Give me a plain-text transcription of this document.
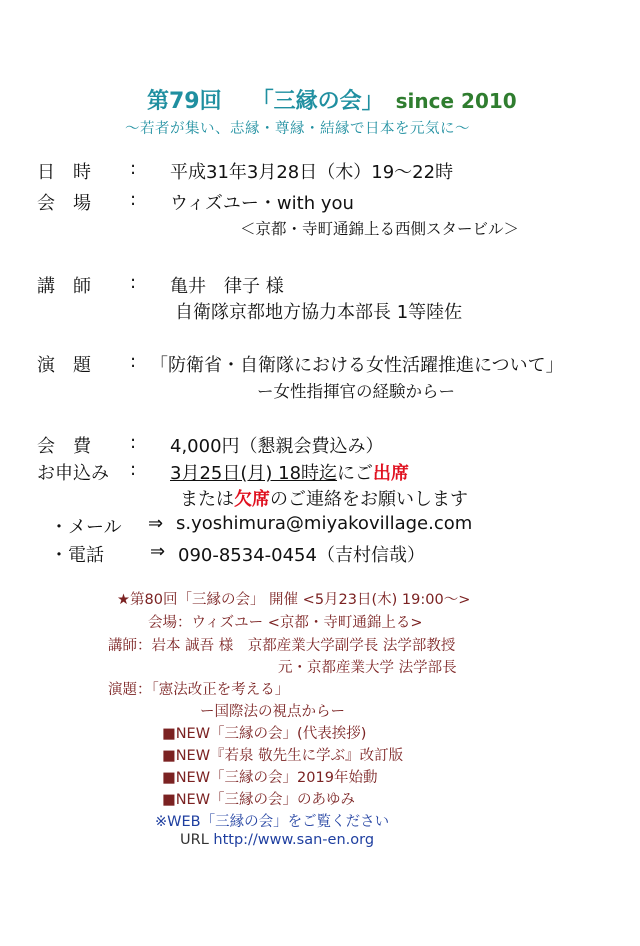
第79回 「三縁の会」 since 2010
～若者が集い、志縁・尊縁・結縁で日本を元気に～
日　時 : 平成31年3月28日（木）19～22時
会　場 : ウィズユー・with you
＜京都・寺町通錦上る西側スタービル＞
講　師 : 亀井　律子 様
自衛隊京都地方協力本部長 1等陸佐
演　題 : 「防衛省・自衛隊における女性活躍推進について」
ー女性指揮官の経験からー
会　費 : 4,000円（懇親会費込み）
お申込み : 3月25日(月) 18時迄にご出席
または欠席のご連絡をお願いします
・メール ⇒ s.yoshimura@miyakovillage.com
・電話	⇒ 090-8534-0454（吉村信哉）
★第80回「三縁の会」 開催 <5月23日(木) 19:00～>
会場：ウィズユー <京都・寺町通錦上る>
講師：岩本 誠吾 様　京都産業大学副学長 法学部教授
元・京都産業大学 法学部長
演題：「憲法改正を考える」
ー国際法の視点からー
■NEW「三縁の会」(代表挨拶)
■NEW『若泉 敬先生に学ぶ』改訂版
■NEW「三縁の会」2019年始動
■NEW「三縁の会」のあゆみ
※WEB「三縁の会」をご覧ください
URL http://www.san-en.org
